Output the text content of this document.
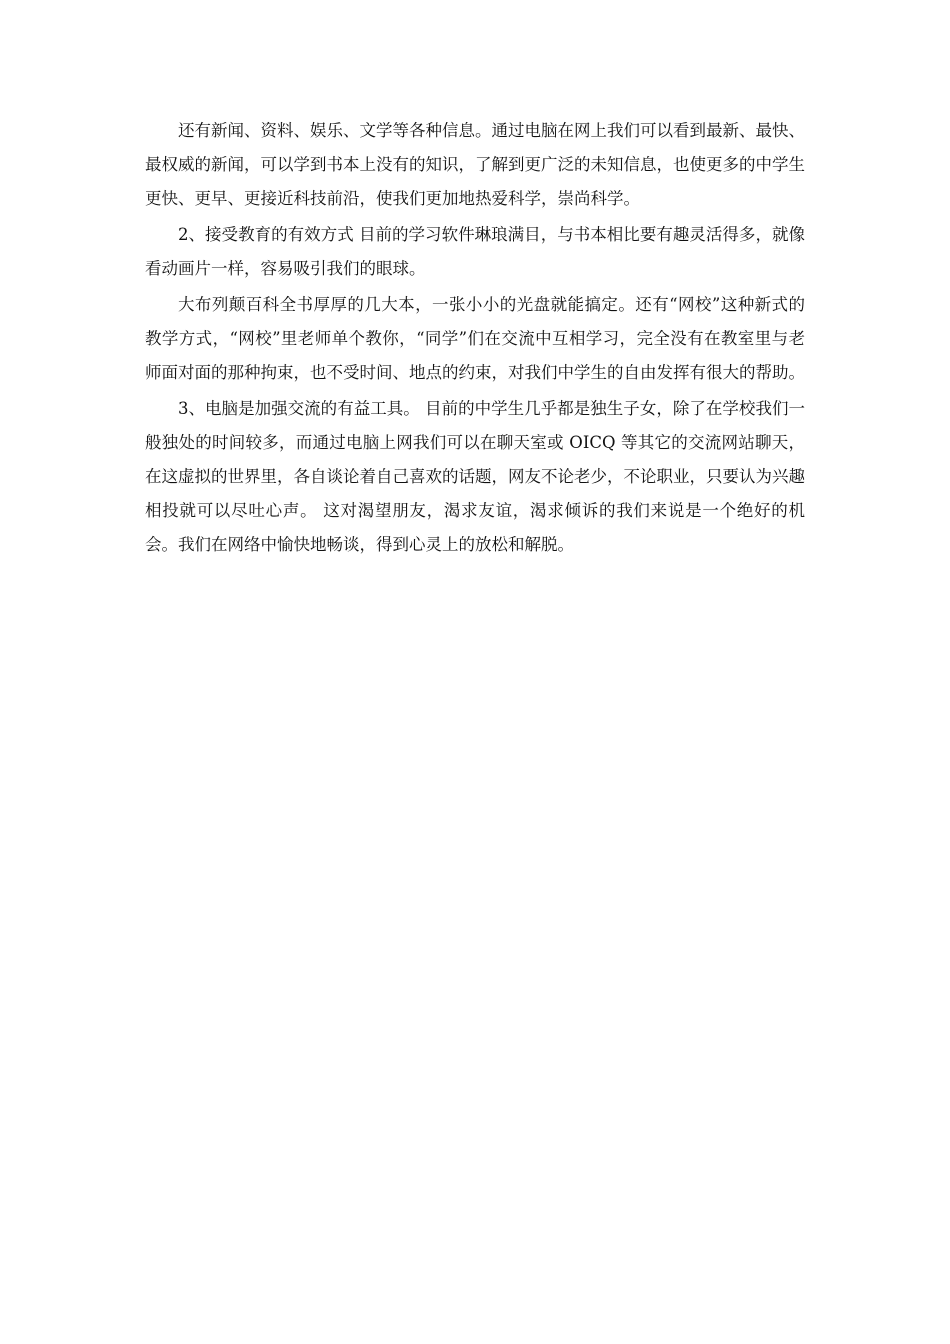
还有新闻、资料、娱乐、文学等各种信息。通过电脑在网上我们可以看到最新、最快、最权威的新闻，可以学到书本上没有的知识，了解到更广泛的未知信息，也使更多的中学生更快、更早、更接近科技前沿，使我们更加地热爱科学，崇尚科学。

2、接受教育的有效方式 目前的学习软件琳琅满目，与书本相比要有趣灵活得多，就像看动画片一样，容易吸引我们的眼球。

大布列颠百科全书厚厚的几大本，一张小小的光盘就能搞定。还有“网校”这种新式的教学方式，“网校”里老师单个教你，“同学”们在交流中互相学习，完全没有在教室里与老师面对面的那种拘束，也不受时间、地点的约束，对我们中学生的自由发挥有很大的帮助。

3、电脑是加强交流的有益工具。 目前的中学生几乎都是独生子女，除了在学校我们一般独处的时间较多，而通过电脑上网我们可以在聊天室或 OICQ 等其它的交流网站聊天，在这虚拟的世界里，各自谈论着自己喜欢的话题，网友不论老少，不论职业，只要认为兴趣相投就可以尽吐心声。 这对渴望朋友，渴求友谊，渴求倾诉的我们来说是一个绝好的机会。我们在网络中愉快地畅谈，得到心灵上的放松和解脱。
